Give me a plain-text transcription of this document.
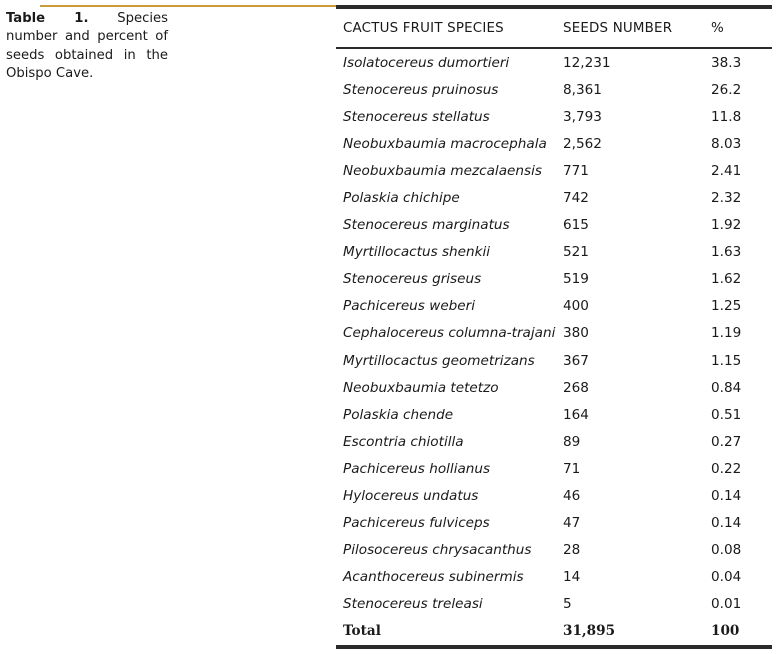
Table 1. Species number and percent of seeds obtained in the Obispo Cave.
CACTUS FRUIT SPECIES	SEEDS NUMBER	%
Isolatocereus dumortieri	12,231	38.3
Stenocereus pruinosus	8,361	26.2
Stenocereus stellatus	3,793	11.8
Neobuxbaumia macrocephala	2,562	8.03
Neobuxbaumia mezcalaensis	771	2.41
Polaskia chichipe	742	2.32
Stenocereus marginatus	615	1.92
Myrtillocactus shenkii	521	1.63
Stenocereus griseus	519	1.62
Pachicereus weberi	400	1.25
Cephalocereus columna-trajani 380	1.19
Myrtillocactus geometrizans	367	1.15
Neobuxbaumia tetetzo	268	0.84
Polaskia chende	164	0.51
Escontria chiotilla	89	0.27
Pachicereus hollianus	71	0.22
Hylocereus undatus	46	0.14
Pachicereus fulviceps	47	0.14
Pilosocereus chrysacanthus	28	0.08
Acanthocereus subinermis	14	0.04
Stenocereus treleasi	5	0.01
Total	31,895	100
